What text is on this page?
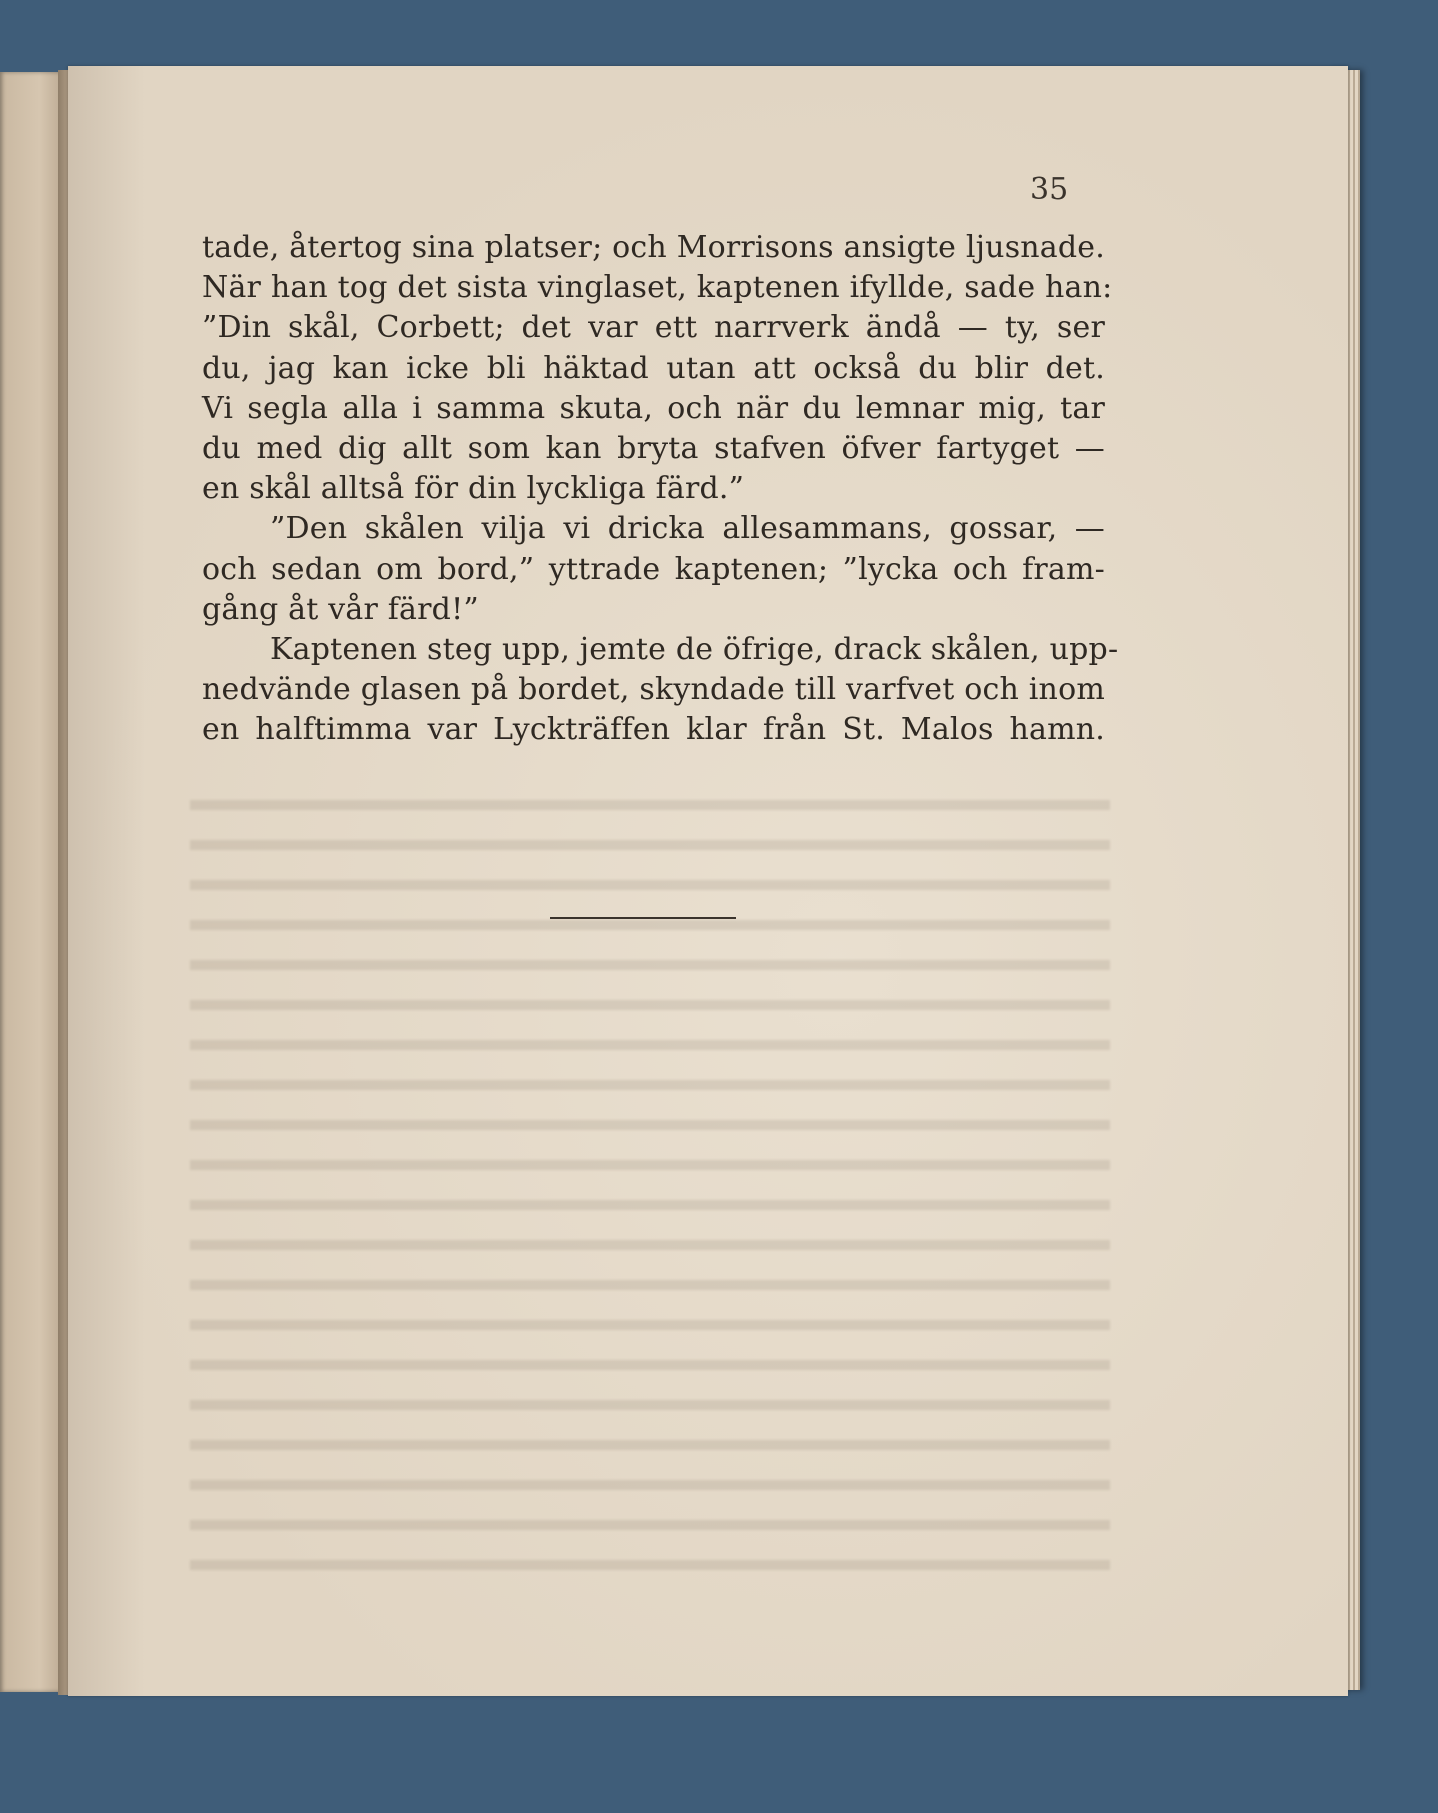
35
tade, återtog sina platser; och Morrisons ansigte ljusnade.
När han tog det sista vinglaset, kaptenen ifyllde, sade han:
”Din skål, Corbett; det var ett narrverk ändå — ty, ser
du, jag kan icke bli häktad utan att också du blir det.
Vi segla alla i samma skuta, och när du lemnar mig, tar
du med dig allt som kan bryta stafven öfver fartyget —
en skål alltså för din lyckliga färd.”
”Den skålen vilja vi dricka allesammans, gossar, —
och sedan om bord,” yttrade kaptenen; ”lycka och fram-
gång åt vår färd!”
Kaptenen steg upp, jemte de öfrige, drack skålen, upp-
nedvände glasen på bordet, skyndade till varfvet och inom
en halftimma var Lyckträffen klar från St. Malos hamn.
